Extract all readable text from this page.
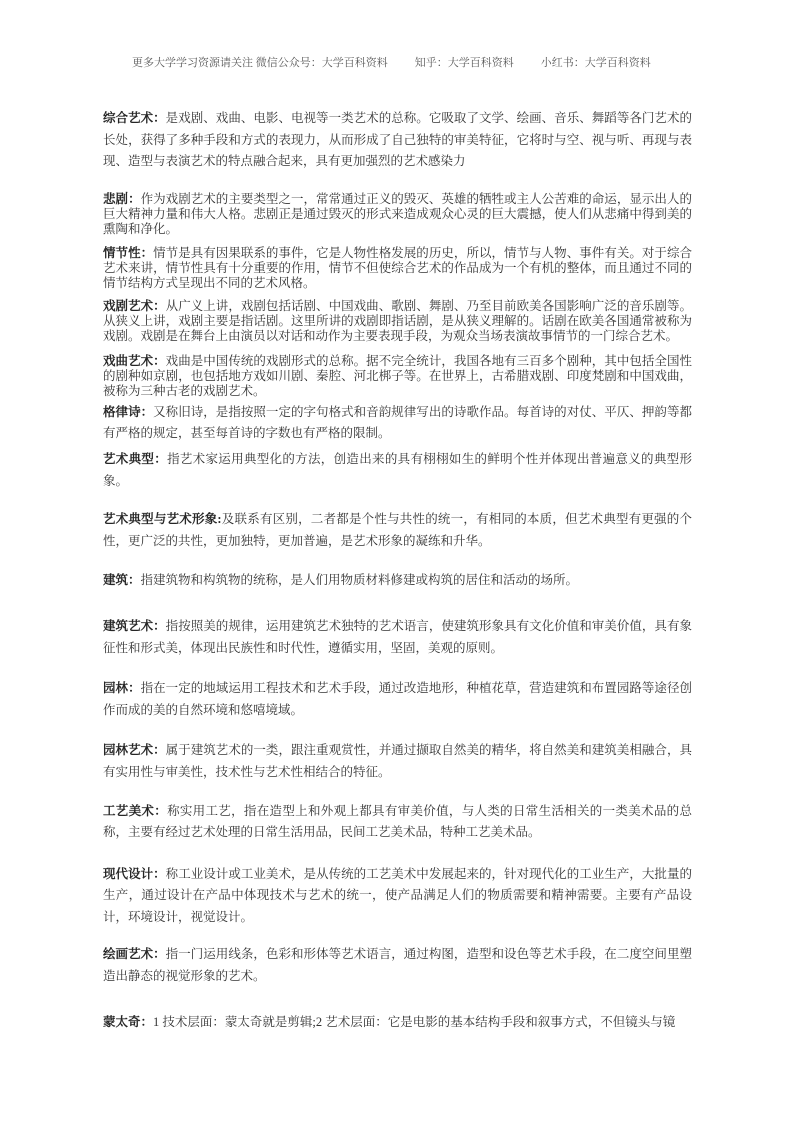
更多大学学习资源请关注 微信公众号：大学百科资料 知乎：大学百科资料 小红书：大学百科资料

综合艺术：是戏剧、戏曲、电影、电视等一类艺术的总称。它吸取了文学、绘画、音乐、舞蹈等各门艺术的长处，获得了多种手段和方式的表现力，从而形成了自己独特的审美特征，它将时与空、视与听、再现与表现、造型与表演艺术的特点融合起来，具有更加强烈的艺术感染力

悲剧：作为戏剧艺术的主要类型之一，常常通过正义的毁灭、英雄的牺牲或主人公苦难的命运，显示出人的巨大精神力量和伟大人格。悲剧正是通过毁灭的形式来造成观众心灵的巨大震撼，使人们从悲痛中得到美的熏陶和净化。

情节性：情节是具有因果联系的事件，它是人物性格发展的历史，所以，情节与人物、事件有关。对于综合艺术来讲，情节性具有十分重要的作用，情节不但使综合艺术的作品成为一个有机的整体，而且通过不同的情节结构方式呈现出不同的艺术风格。

戏剧艺术：从广义上讲，戏剧包括话剧、中国戏曲、歌剧、舞剧、乃至目前欧美各国影响广泛的音乐剧等。从狭义上讲，戏剧主要是指话剧。这里所讲的戏剧即指话剧，是从狭义理解的。话剧在欧美各国通常被称为戏剧。戏剧是在舞台上由演员以对话和动作为主要表现手段，为观众当场表演故事情节的一门综合艺术。

戏曲艺术：戏曲是中国传统的戏剧形式的总称。据不完全统计，我国各地有三百多个剧种，其中包括全国性的剧种如京剧，也包括地方戏如川剧、秦腔、河北梆子等。在世界上，古希腊戏剧、印度梵剧和中国戏曲，被称为三种古老的戏剧艺术。

格律诗：又称旧诗，是指按照一定的字句格式和音韵规律写出的诗歌作品。每首诗的对仗、平仄、押韵等都有严格的规定，甚至每首诗的字数也有严格的限制。

艺术典型：指艺术家运用典型化的方法，创造出来的具有栩栩如生的鲜明个性并体现出普遍意义的典型形象。

艺术典型与艺术形象:及联系有区别，二者都是个性与共性的统一，有相同的本质，但艺术典型有更强的个性，更广泛的共性，更加独特，更加普遍，是艺术形象的凝练和升华。

建筑：指建筑物和构筑物的统称，是人们用物质材料修建或构筑的居住和活动的场所。

建筑艺术：指按照美的规律，运用建筑艺术独特的艺术语言，使建筑形象具有文化价值和审美价值，具有象征性和形式美，体现出民族性和时代性，遵循实用，坚固，美观的原则。

园林：指在一定的地域运用工程技术和艺术手段，通过改造地形，种植花草，营造建筑和布置园路等途径创作而成的美的自然环境和悠嘻境域。

园林艺术：属于建筑艺术的一类，跟注重观赏性，并通过撷取自然美的精华，将自然美和建筑美相融合，具有实用性与审美性，技术性与艺术性相结合的特征。

工艺美术：称实用工艺，指在造型上和外观上都具有审美价值，与人类的日常生活相关的一类美术品的总称，主要有经过艺术处理的日常生活用品，民间工艺美术品，特种工艺美术品。

现代设计：称工业设计或工业美术，是从传统的工艺美术中发展起来的，针对现代化的工业生产，大批量的生产，通过设计在产品中体现技术与艺术的统一，使产品满足人们的物质需要和精神需要。主要有产品设计，环境设计，视觉设计。

绘画艺术：指一门运用线条，色彩和形体等艺术语言，通过构图，造型和设色等艺术手段，在二度空间里塑造出静态的视觉形象的艺术。

蒙太奇：1 技术层面：蒙太奇就是剪辑;2 艺术层面：它是电影的基本结构手段和叙事方式，不但镜头与镜
